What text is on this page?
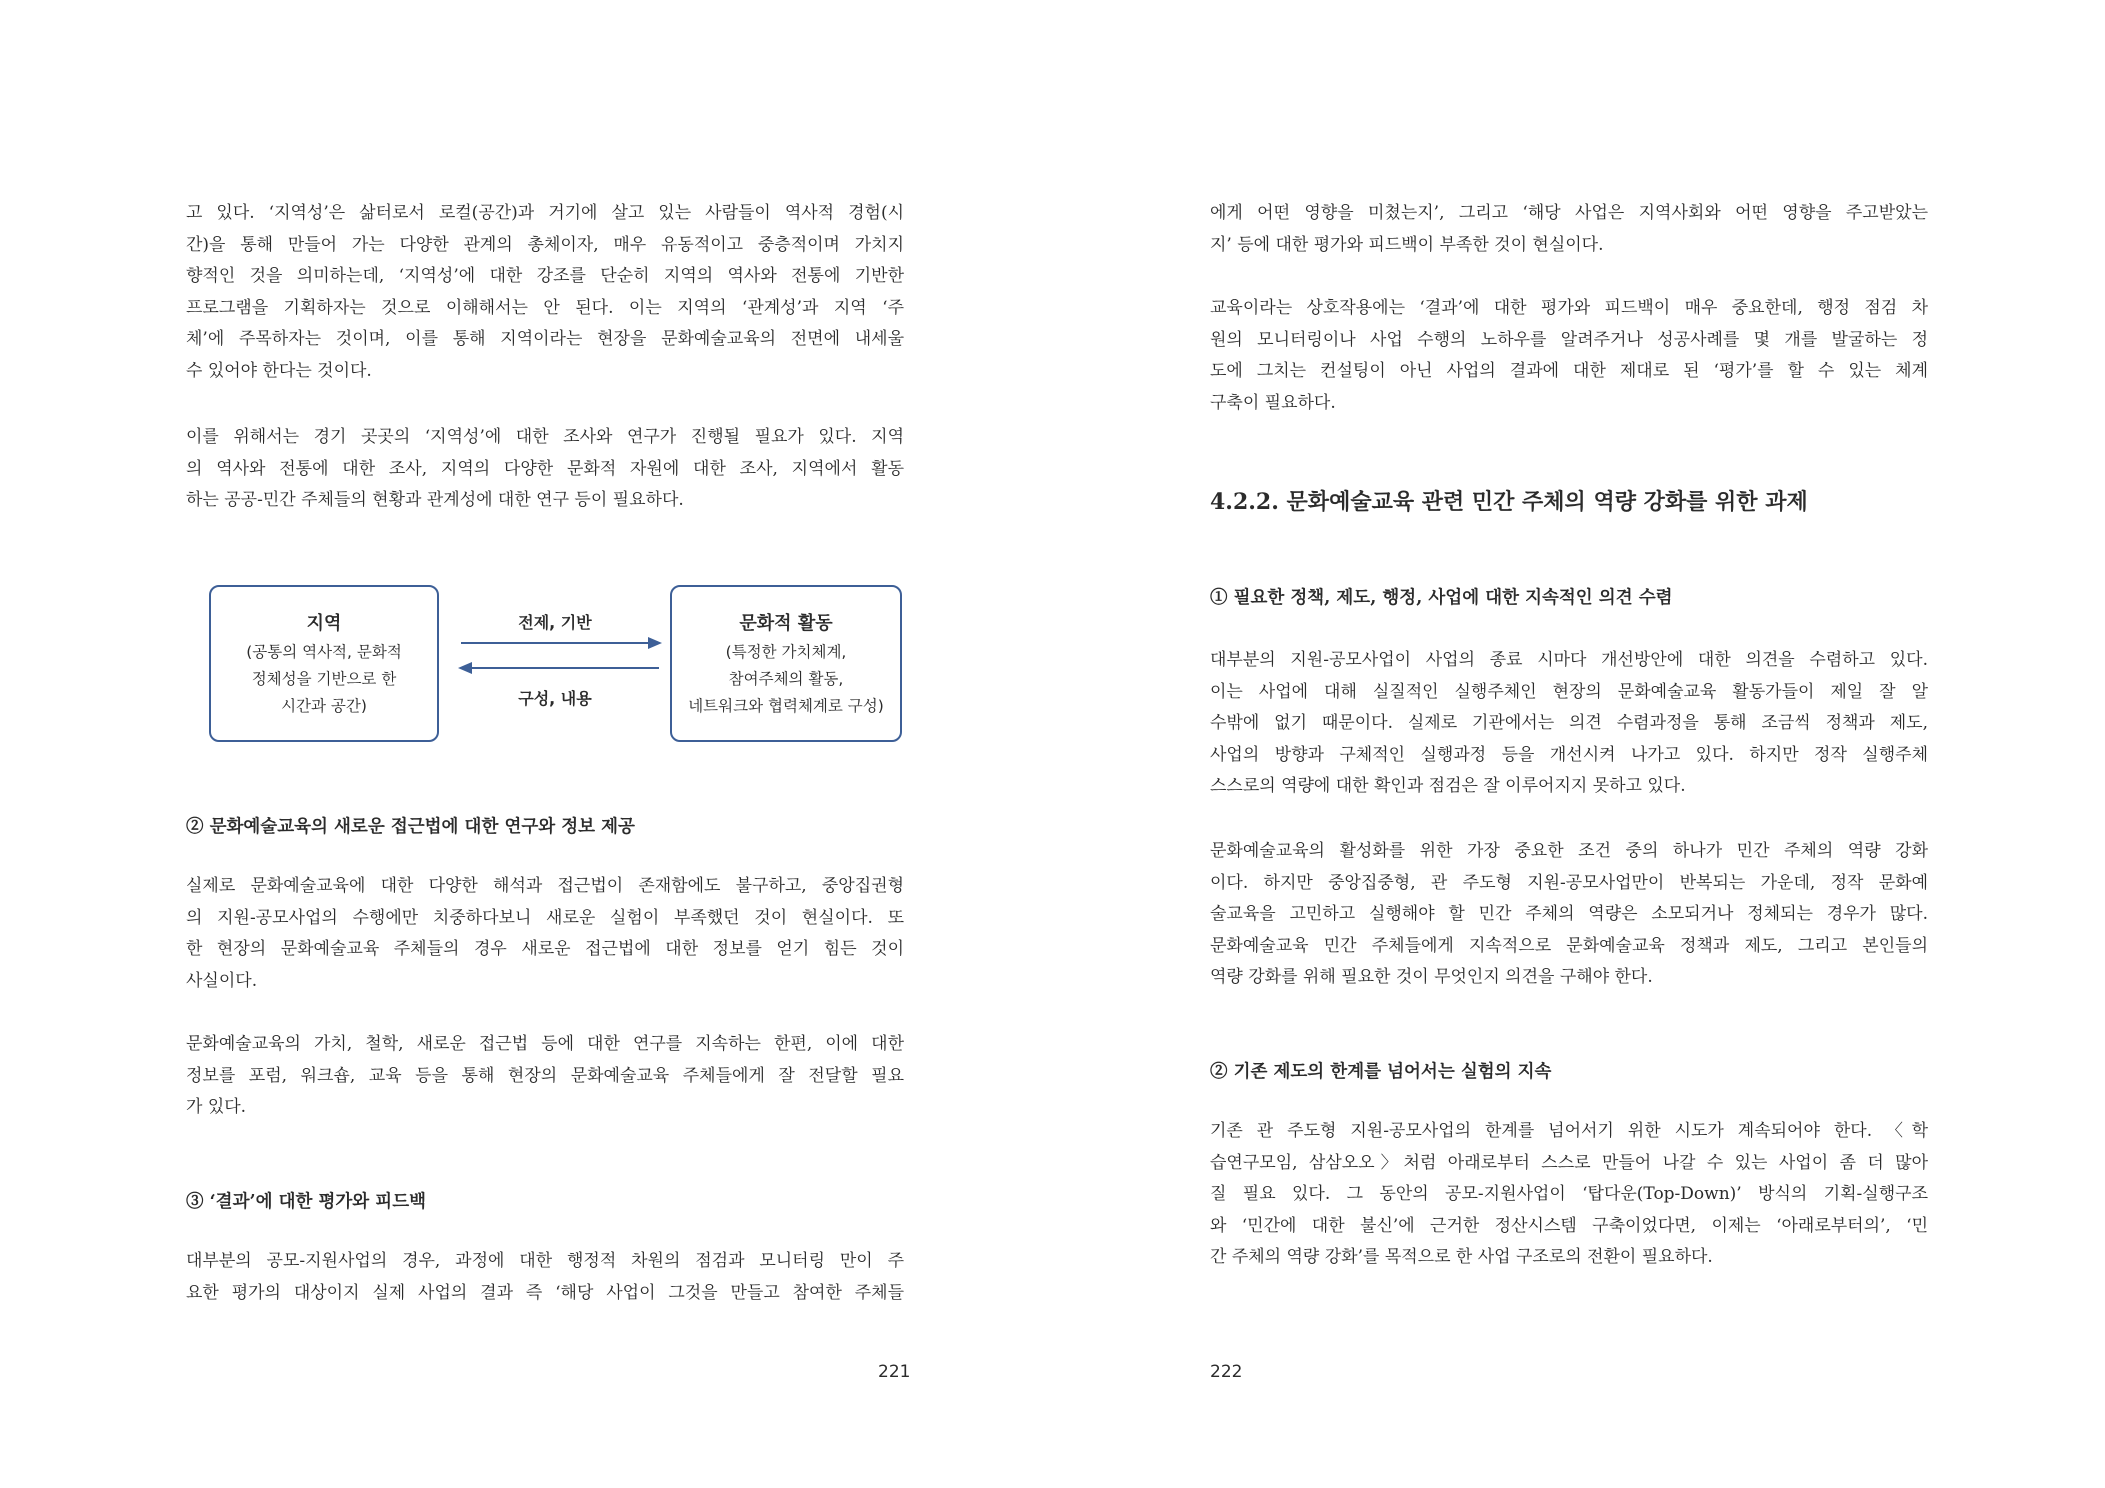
고 있다. ‘지역성’은 삶터로서 로컬(공간)과 거기에 살고 있는 사람들이 역사적 경험(시
간)을 통해 만들어 가는 다양한 관계의 총체이자, 매우 유동적이고 중층적이며 가치지
향적인 것을 의미하는데, ‘지역성’에 대한 강조를 단순히 지역의 역사와 전통에 기반한
프로그램을 기획하자는 것으로 이해해서는 안 된다. 이는 지역의 ‘관계성’과 지역 ‘주
체’에 주목하자는 것이며, 이를 통해 지역이라는 현장을 문화예술교육의 전면에 내세울
수 있어야 한다는 것이다.

이를 위해서는 경기 곳곳의 ‘지역성’에 대한 조사와 연구가 진행될 필요가 있다. 지역
의 역사와 전통에 대한 조사, 지역의 다양한 문화적 자원에 대한 조사, 지역에서 활동
하는 공공-민간 주체들의 현황과 관계성에 대한 연구 등이 필요하다.

지역
(공통의 역사적, 문화적
정체성을 기반으로 한
시간과 공간)
문화적 활동
(특정한 가치체계,
참여주체의 활동,
네트워크와 협력체계로 구성)
전제, 기반
구성, 내용
② 문화예술교육의 새로운 접근법에 대한 연구와 정보 제공

실제로 문화예술교육에 대한 다양한 해석과 접근법이 존재함에도 불구하고, 중앙집권형
의 지원-공모사업의 수행에만 치중하다보니 새로운 실험이 부족했던 것이 현실이다. 또
한 현장의 문화예술교육 주체들의 경우 새로운 접근법에 대한 정보를 얻기 힘든 것이
사실이다.

문화예술교육의 가치, 철학, 새로운 접근법 등에 대한 연구를 지속하는 한편, 이에 대한
정보를 포럼, 워크숍, 교육 등을 통해 현장의 문화예술교육 주체들에게 잘 전달할 필요
가 있다.

③ ‘결과’에 대한 평가와 피드백

대부분의 공모-지원사업의 경우, 과정에 대한 행정적 차원의 점검과 모니터링 만이 주
요한 평가의 대상이지 실제 사업의 결과 즉 ‘해당 사업이 그것을 만들고 참여한 주체들

221

에게 어떤 영향을 미쳤는지’, 그리고 ‘해당 사업은 지역사회와 어떤 영향을 주고받았는
지’ 등에 대한 평가와 피드백이 부족한 것이 현실이다.

교육이라는 상호작용에는 ‘결과’에 대한 평가와 피드백이 매우 중요한데, 행정 점검 차
원의 모니터링이나 사업 수행의 노하우를 알려주거나 성공사례를 몇 개를 발굴하는 정
도에 그치는 컨설팅이 아닌 사업의 결과에 대한 제대로 된 ‘평가’를 할 수 있는 체계
구축이 필요하다.

4.2.2. 문화예술교육 관련 민간 주체의 역량 강화를 위한 과제
① 필요한 정책, 제도, 행정, 사업에 대한 지속적인 의견 수렴

대부분의 지원-공모사업이 사업의 종료 시마다 개선방안에 대한 의견을 수렴하고 있다.
이는 사업에 대해 실질적인 실행주체인 현장의 문화예술교육 활동가들이 제일 잘 알
수밖에 없기 때문이다. 실제로 기관에서는 의견 수렴과정을 통해 조금씩 정책과 제도,
사업의 방향과 구체적인 실행과정 등을 개선시켜 나가고 있다. 하지만 정작 실행주체
스스로의 역량에 대한 확인과 점검은 잘 이루어지지 못하고 있다.

문화예술교육의 활성화를 위한 가장 중요한 조건 중의 하나가 민간 주체의 역량 강화
이다. 하지만 중앙집중형, 관 주도형 지원-공모사업만이 반복되는 가운데, 정작 문화예
술교육을 고민하고 실행해야 할 민간 주체의 역량은 소모되거나 정체되는 경우가 많다.
문화예술교육 민간 주체들에게 지속적으로 문화예술교육 정책과 제도, 그리고 본인들의
역량 강화를 위해 필요한 것이 무엇인지 의견을 구해야 한다.

② 기존 제도의 한계를 넘어서는 실험의 지속

기존 관 주도형 지원-공모사업의 한계를 넘어서기 위한 시도가 계속되어야 한다. 〈학
습연구모임, 삼삼오오〉처럼 아래로부터 스스로 만들어 나갈 수 있는 사업이 좀 더 많아
질 필요 있다. 그 동안의 공모-지원사업이 ‘탑다운(Top-Down)’ 방식의 기획-실행구조
와 ‘민간에 대한 불신’에 근거한 정산시스템 구축이었다면, 이제는 ‘아래로부터의’, ‘민
간 주체의 역량 강화’를 목적으로 한 사업 구조로의 전환이 필요하다.

222
